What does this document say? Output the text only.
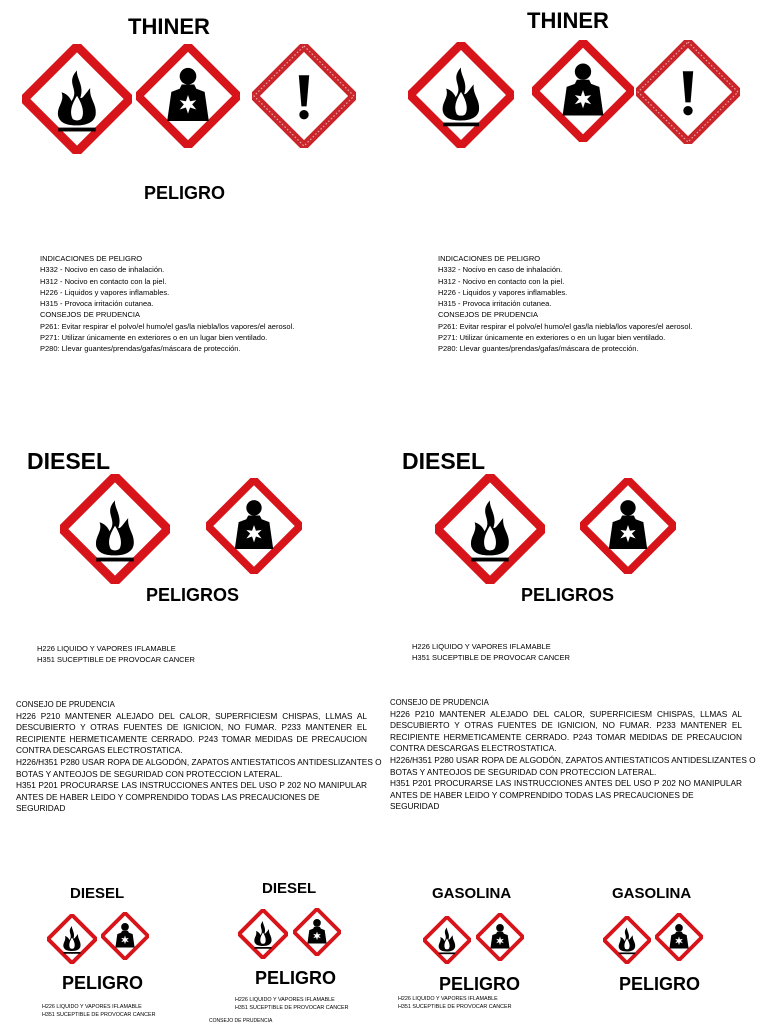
THINER
PELIGRO
INDICACIONES DE PELIGRO
H332 - Nocivo en caso de inhalación.
H312 - Nocivo en contacto con la piel.
H226 - Liquidos y vapores inflamables.
H315 - Provoca irritación cutanea.
CONSEJOS DE PRUDENCIA
P261: Evitar respirar el polvo/el humo/el gas/la niebla/los vapores/el aerosol.
P271: Utilizar únicamente en exteriores o en un lugar bien ventilado.
P280: Llevar guantes/prendas/gafas/máscara de protección.
THINER
INDICACIONES DE PELIGRO
H332 - Nocivo en caso de inhalación.
H312 - Nocivo en contacto con la piel.
H226 - Liquidos y vapores inflamables.
H315 - Provoca irritación cutanea.
CONSEJOS DE PRUDENCIA
P261: Evitar respirar el polvo/el humo/el gas/la niebla/los vapores/el aerosol.
P271: Utilizar únicamente en exteriores o en un lugar bien ventilado.
P280: Llevar guantes/prendas/gafas/máscara de protección.
DIESEL
PELIGROS
H226 LIQUIDO Y VAPORES IFLAMABLE
H351 SUCEPTIBLE DE PROVOCAR CANCER
CONSEJO DE PRUDENCIA
H226 P210 MANTENER ALEJADO DEL CALOR, SUPERFICIESM CHISPAS, LLMAS AL
DESCUBIERTO Y OTRAS FUENTES DE IGNICION, NO FUMAR. P233 MANTENER EL
RECIPIENTE HERMETICAMENTE CERRADO. P243 TOMAR MEDIDAS DE PRECAUCION
CONTRA DESCARGAS ELECTROSTATICA.
H226/H351 P280 USAR ROPA DE ALGODÓN, ZAPATOS ANTIESTATICOS ANTIDESLIZANTES O
BOTAS Y ANTEOJOS DE SEGURIDAD CON PROTECCION LATERAL.
H351 P201 PROCURARSE LAS INSTRUCCIONES ANTES DEL USO P 202 NO MANIPULAR
ANTES DE HABER LEIDO Y COMPRENDIDO TODAS LAS PRECAUCIONES DE SEGURIDAD
DIESEL
PELIGROS
H226 LIQUIDO Y VAPORES IFLAMABLE
H351 SUCEPTIBLE DE PROVOCAR CANCER
CONSEJO DE PRUDENCIA
H226 P210 MANTENER ALEJADO DEL CALOR, SUPERFICIESM CHISPAS, LLMAS AL
DESCUBIERTO Y OTRAS FUENTES DE IGNICION, NO FUMAR. P233 MANTENER EL
RECIPIENTE HERMETICAMENTE CERRADO. P243 TOMAR MEDIDAS DE PRECAUCION
CONTRA DESCARGAS ELECTROSTATICA.
H226/H351 P280 USAR ROPA DE ALGODÓN, ZAPATOS ANTIESTATICOS ANTIDESLIZANTES O
BOTAS Y ANTEOJOS DE SEGURIDAD CON PROTECCION LATERAL.
H351 P201 PROCURARSE LAS INSTRUCCIONES ANTES DEL USO P 202 NO MANIPULAR
ANTES DE HABER LEIDO Y COMPRENDIDO TODAS LAS PRECAUCIONES DE SEGURIDAD
DIESEL
PELIGRO
H226 LIQUIDO Y VAPORES IFLAMABLE
H351 SUCEPTIBLE DE PROVOCAR CANCER
DIESEL
PELIGRO
H226 LIQUIDO Y VAPORES IFLAMABLE
H351 SUCEPTIBLE DE PROVOCAR CANCER
CONSEJO DE PRUDENCIA
GASOLINA
PELIGRO
H226 LIQUIDO Y VAPORES IFLAMABLE
H351 SUCEPTIBLE DE PROVOCAR CANCER
GASOLINA
PELIGRO
